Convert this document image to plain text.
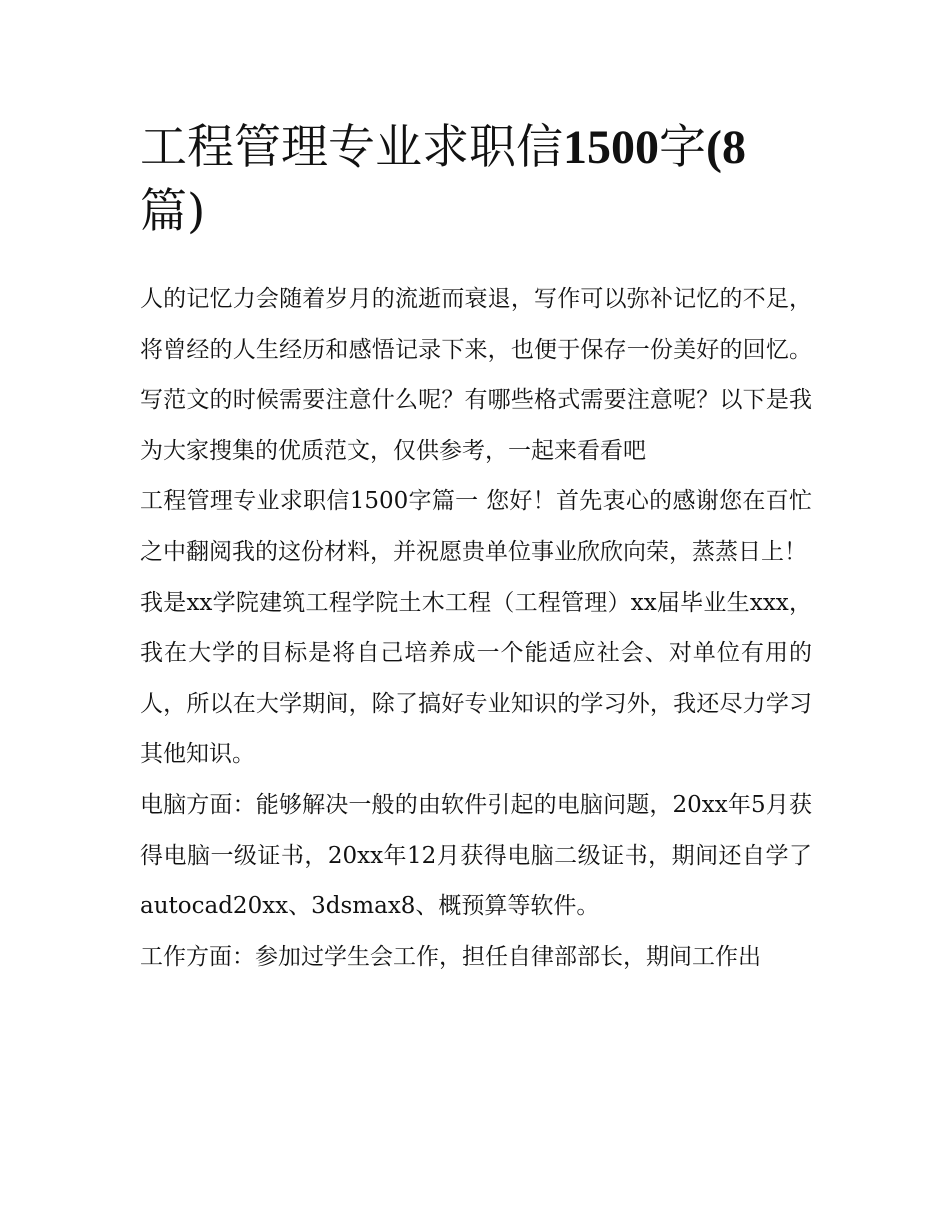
工程管理专业求职信1500字(8
篇)

人的记忆力会随着岁月的流逝而衰退，写作可以弥补记忆的不足，将曾经的人生经历和感悟记录下来，也便于保存一份美好的回忆。写范文的时候需要注意什么呢？有哪些格式需要注意呢？以下是我为大家搜集的优质范文，仅供参考，一起来看看吧

工程管理专业求职信1500字篇一 您好！首先衷心的感谢您在百忙之中翻阅我的这份材料，并祝愿贵单位事业欣欣向荣，蒸蒸日上！

我是xx学院建筑工程学院土木工程（工程管理）xx届毕业生xxx，我在大学的目标是将自己培养成一个能适应社会、对单位有用的人，所以在大学期间，除了搞好专业知识的学习外，我还尽力学习其他知识。

电脑方面：能够解决一般的由软件引起的电脑问题，20xx年5月获得电脑一级证书，20xx年12月获得电脑二级证书，期间还自学了autocad20xx、3dsmax8、概预算等软件。

工作方面：参加过学生会工作，担任自律部部长，期间工作出
